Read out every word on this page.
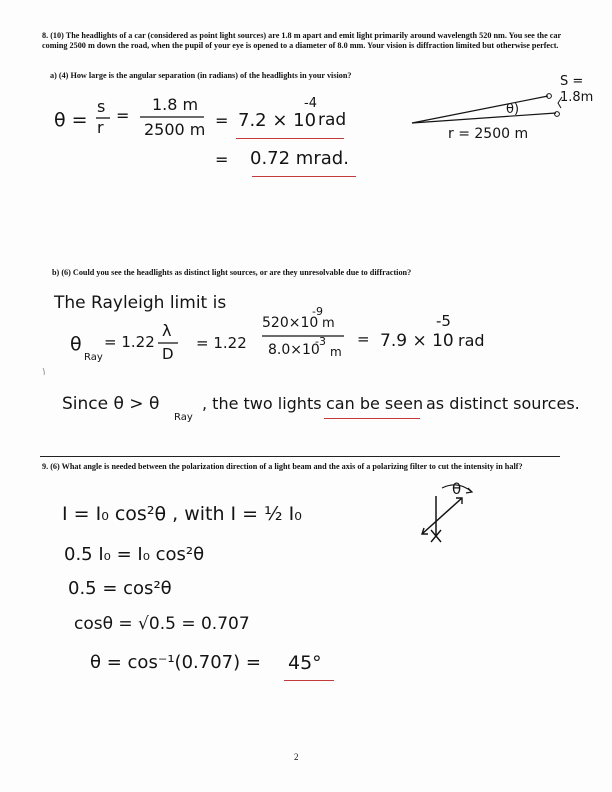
8. (10) The headlights of a car (considered as point light sources) are 1.8 m apart and emit light primarily around wavelength 520 nm. You see the car coming 2500 m down the road, when the pupil of your eye is opened to a diameter of 8.0 mm. Your vision is diffraction limited but otherwise perfect.
a) (4) How large is the angular separation (in radians) of the headlights in your vision?
θ =
s
r
=
1.8 m
2500 m = 7.2 × 10
-4
rad
= 0.72 mrad.
S =
1.8m
θ)
r = 2500 m
b) (6) Could you see the headlights as distinct light sources, or are they unresolvable due to diffraction?
The Rayleigh limit is
θ
Ray
= 1.22
λ
D
= 1.22
520×10
-9
m
8.0×10
-3
m
= 7.9 × 10
-5
rad
Since θ > θ
Ray
, the two lights can be seen as distinct sources.
9. (6) What angle is needed between the polarization direction of a light beam and the axis of a polarizing filter to cut the intensity in half?
I = I₀ cos²θ , with I = ½ I₀
0.5 I₀ = I₀ cos²θ
0.5 = cos²θ
cosθ = √0.5 = 0.707
θ = cos⁻¹(0.707) = 45°
θ
2
